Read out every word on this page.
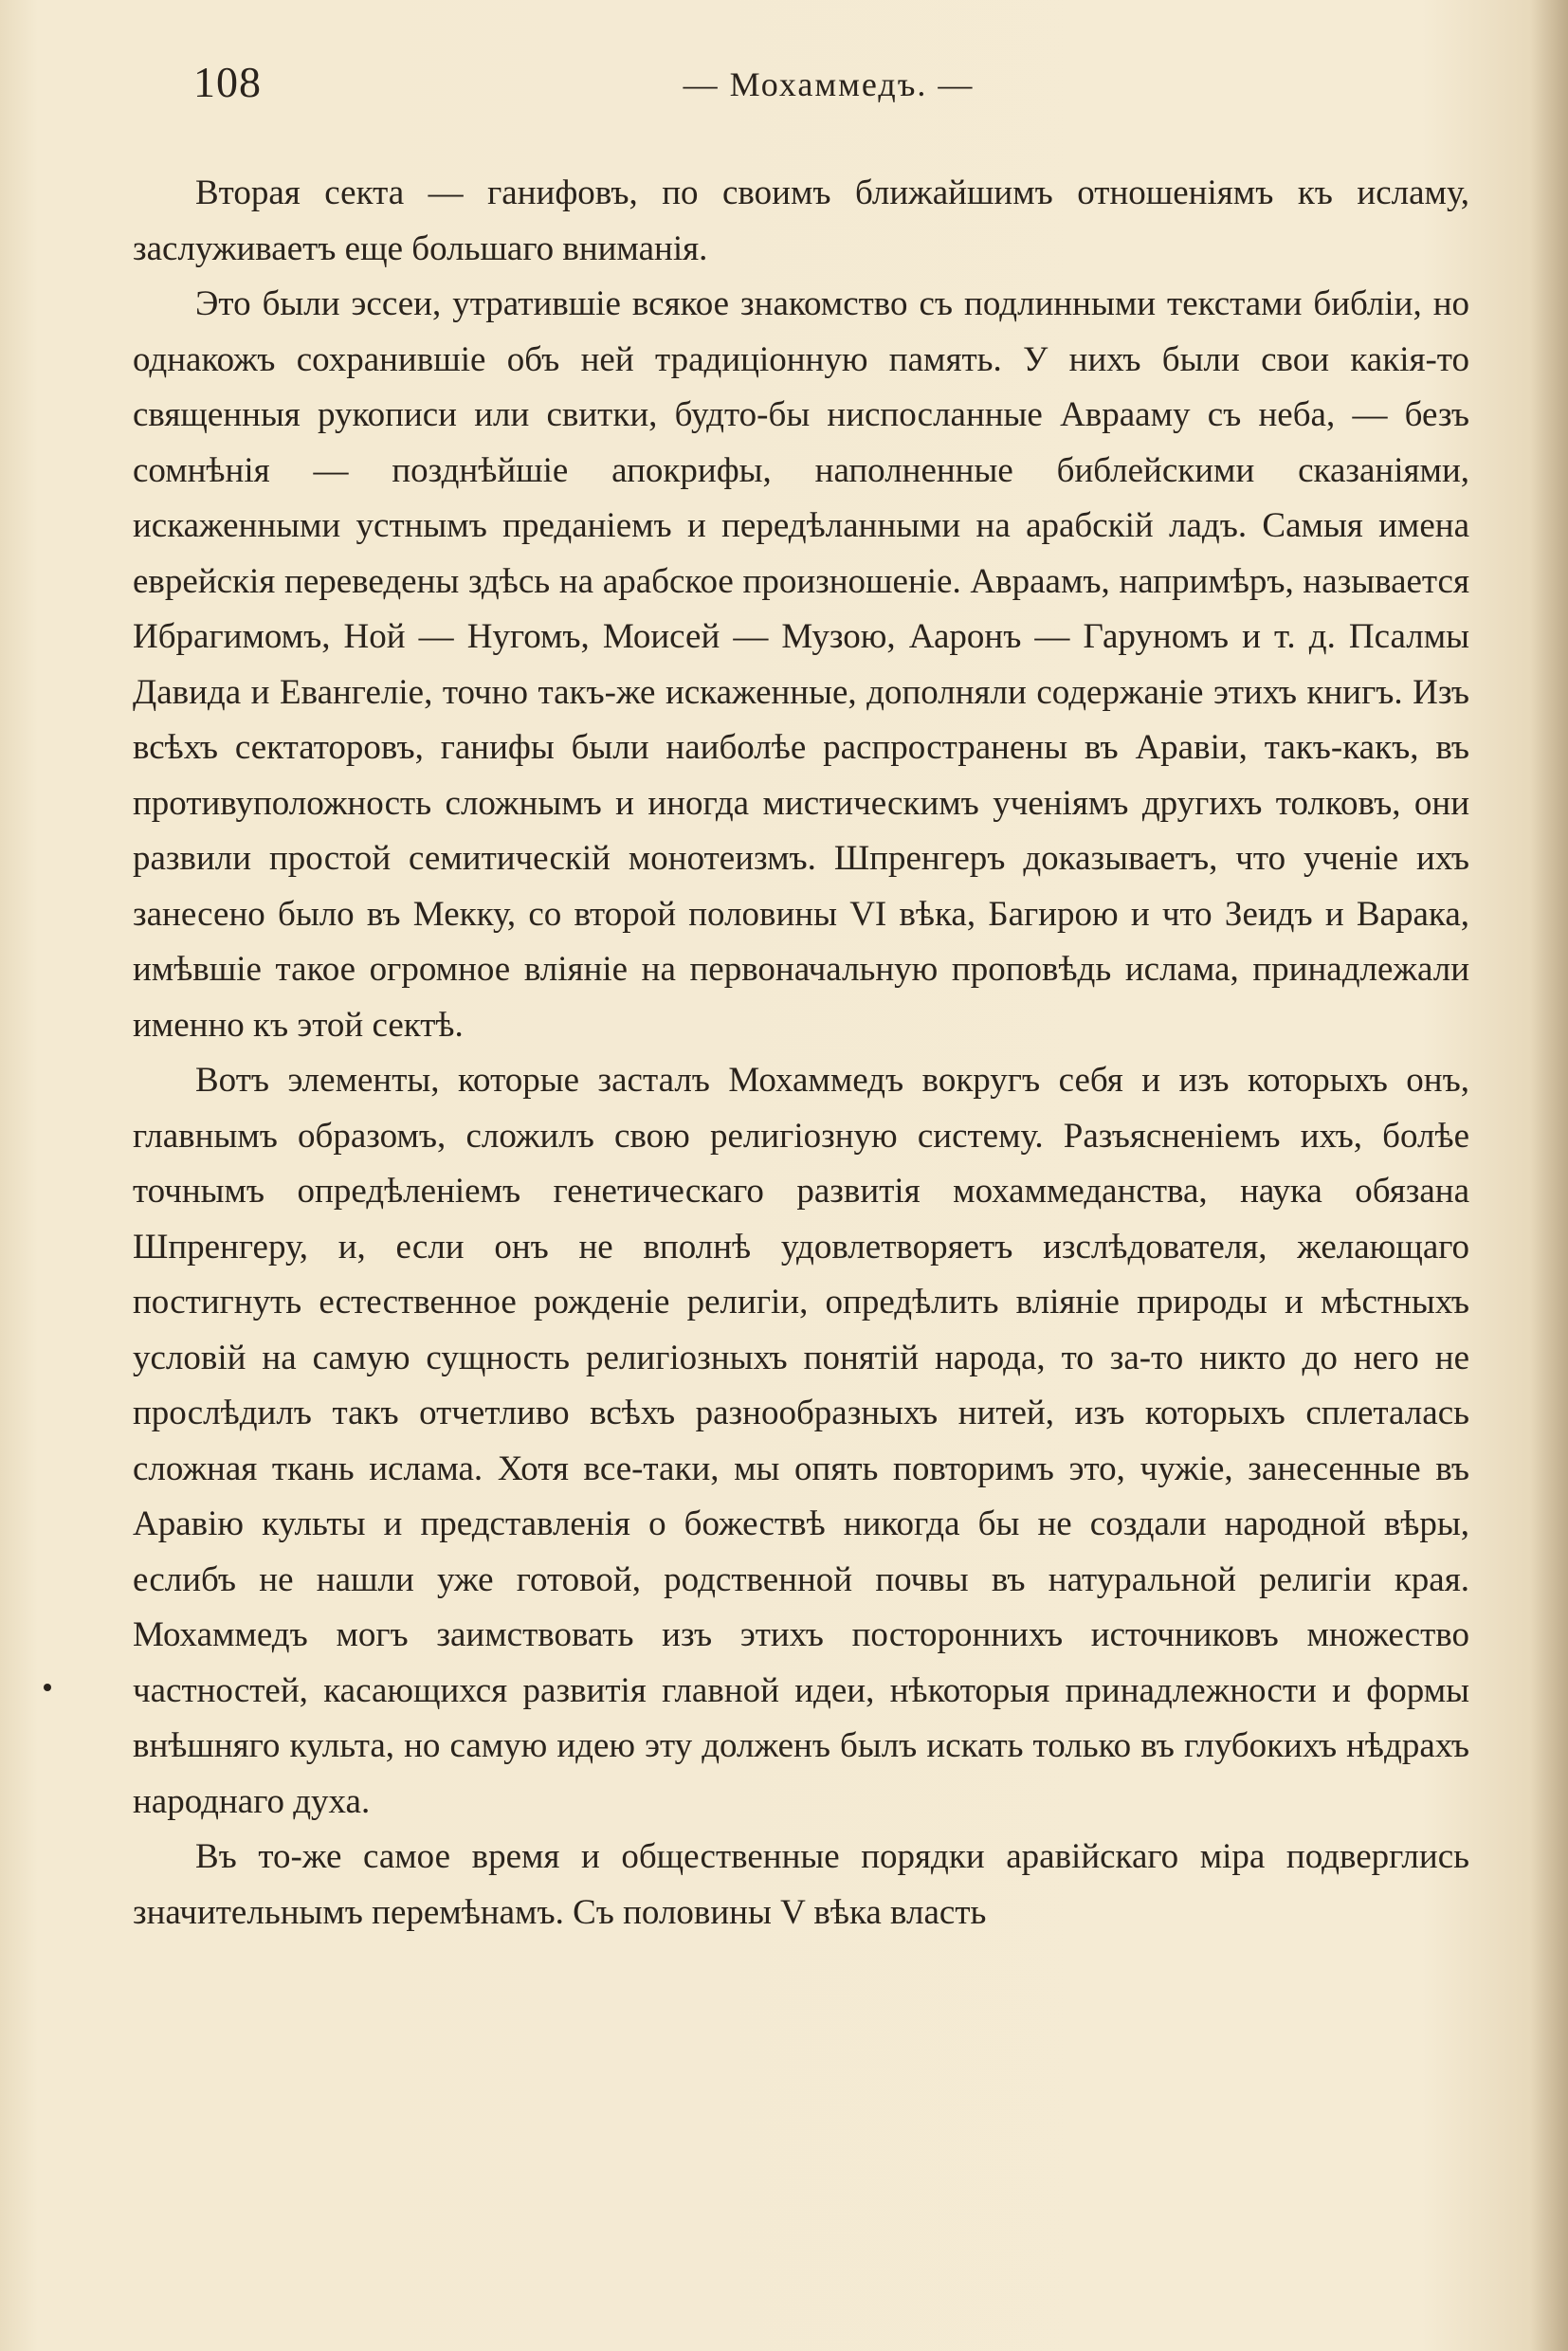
108	— Мохаммедъ. —

Вторая секта — ганифовъ, по своимъ ближайшимъ отношеніямъ къ исламу, заслуживаетъ еще большаго вниманія.

Это были эссеи, утратившіе всякое знакомство съ подлинными текстами библіи, но однакожъ сохранившіе объ ней традиціонную память. У нихъ были свои какія-то священныя рукописи или свитки, будто-бы ниспосланные Аврааму съ неба, — безъ сомнѣнія — позднѣйшіе апокрифы, наполненные библейскими сказаніями, искаженными устнымъ преданіемъ и передѣланными на арабскій ладъ. Самыя имена еврейскія переведены здѣсь на арабское произношеніе. Авраамъ, напримѣръ, называется Ибрагимомъ, Ной — Нугомъ, Моисей — Музою, Ааронъ — Гаруномъ и т. д. Псалмы Давида и Евангеліе, точно такъ-же искаженные, дополняли содержаніе этихъ книгъ. Изъ всѣхъ сектаторовъ, ганифы были наиболѣе распространены въ Аравіи, такъ-какъ, въ противуположность сложнымъ и иногда мистическимъ ученіямъ другихъ толковъ, они развили простой семитическій монотеизмъ. Шпренгеръ доказываетъ, что ученіе ихъ занесено было въ Мекку, со второй половины VI вѣка, Багирою и что Зеидъ и Варака, имѣвшіе такое огромное вліяніе на первоначальную проповѣдь ислама, принадлежали именно къ этой сектѣ.

Вотъ элементы, которые засталъ Мохаммедъ вокругъ себя и изъ которыхъ онъ, главнымъ образомъ, сложилъ свою религіозную систему. Разъясненіемъ ихъ, болѣе точнымъ опредѣленіемъ генетическаго развитія мохаммеданства, наука обязана Шпренгеру, и, если онъ не вполнѣ удовлетворяетъ изслѣдователя, желающаго постигнуть естественное рожденіе религіи, опредѣлить вліяніе природы и мѣстныхъ условій на самую сущность религіозныхъ понятій народа, то за-то никто до него не прослѣдилъ такъ отчетливо всѣхъ разнообразныхъ нитей, изъ которыхъ сплеталась сложная ткань ислама. Хотя все-таки, мы опять повторимъ это, чужіе, занесенные въ Аравію культы и представленія о божествѣ никогда бы не создали народной вѣры, еслибъ не нашли уже готовой, родственной почвы въ натуральной религіи края. Мохаммедъ могъ заимствовать изъ этихъ постороннихъ источниковъ множество частностей, касающихся развитія главной идеи, нѣкоторыя принадлежности и формы внѣшняго культа, но самую идею эту долженъ былъ искать только въ глубокихъ нѣдрахъ народнаго духа.

Въ то-же самое время и общественные порядки аравійскаго міра подверглись значительнымъ перемѣнамъ. Съ половины V вѣка власть
